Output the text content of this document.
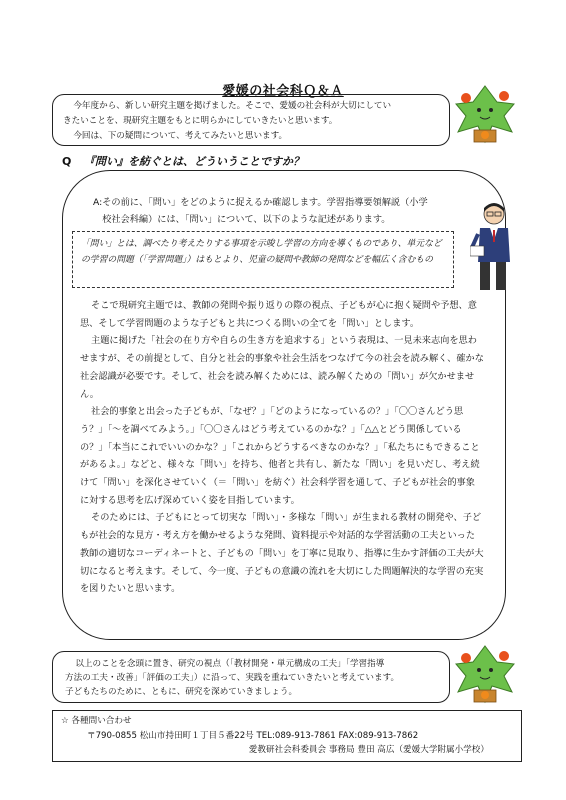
愛媛の社会科Ｑ＆Ａ

今年度から、新しい研究主題を掲げました。そこで、愛媛の社会科が大切にしてい

きたいことを、現研究主題をもとに明らかにしていきたいと思います。

今回は、下の疑問について、考えてみたいと思います。

Q 『問い』を紡ぐとは、どういうことですか？
A:その前に、「問い」をどのように捉えるか確認します。学習指導要領解説（小学
校社会科編）には、「問い」について、以下のような記述があります。
「問い」とは、調べたり考えたりする事項を示唆し学習の方向を導くものであり、単元などの学習の問題（「学習問題」）はもとより、児童の疑問や教師の発問などを幅広く含むもの

そこで現研究主題では、教師の発問や振り返りの際の視点、子どもが心に抱く疑問や予想、意思、そして学習問題のような子どもと共につくる問いの全てを「問い」とします。

主題に掲げた「社会の在り方や自らの生き方を追求する」という表現は、一見未来志向を思わせますが、その前提として、自分と社会的事象や社会生活をつなげて今の社会を読み解く、確かな社会認識が必要です。そして、社会を読み解くためには、読み解くための「問い」が欠かせません。

社会的事象と出会った子どもが、「なぜ？」「どのようになっているの？」「〇〇さんどう思う？」「～を調べてみよう。」「〇〇さんはどう考えているのかな？」「△△とどう関係しているの？」「本当にこれでいいのかな？」「これからどうするべきなのかな？」「私たちにもできることがあるよ。」などと、様々な「問い」を持ち、他者と共有し、新たな「問い」を見いだし、考え続けて「問い」を深化させていく（＝「問い」を紡ぐ）社会科学習を通して、子どもが社会的事象に対する思考を広げ深めていく姿を目指しています。

そのためには、子どもにとって切実な「問い」・多様な「問い」が生まれる教材の開発や、子どもが社会的な見方・考え方を働かせるような発問、資料提示や対話的な学習活動の工夫といった教師の適切なコーディネートと、子どもの「問い」を丁寧に見取り、指導に生かす評価の工夫が大切になると考えます。そして、今一度、子どもの意識の流れを大切にした問題解決的な学習の充実を図りたいと思います。

以上のことを念頭に置き、研究の視点（「教材開発・単元構成の工夫」「学習指導

方法の工夫・改善」「評価の工夫」）に沿って、実践を重ねていきたいと考えています。

子どもたちのために、ともに、研究を深めていきましょう。

☆ 各種問い合わせ
〒790-0855 松山市持田町１丁目５番22号 TEL:089-913-7861 FAX:089-913-7862
愛教研社会科委員会 事務局 豊田 高広（愛媛大学附属小学校）
